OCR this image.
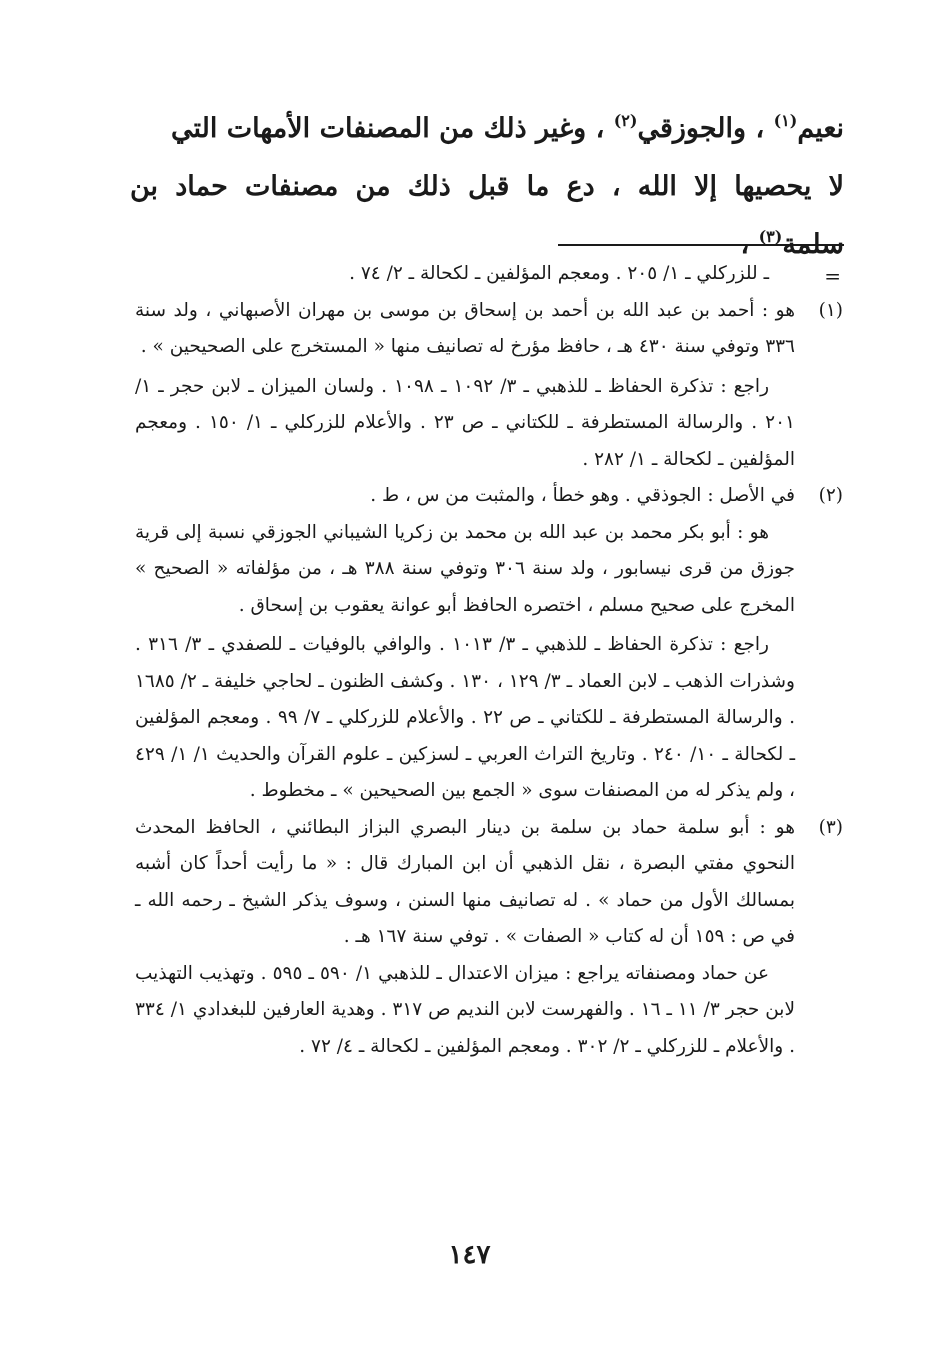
نعيم$^{(١)}$ ، والجوزقي$^{(٢)}$ ، وغير ذلك من المصنفات الأمهات التي

لا يحصيها إلا الله ، دع ما قبل ذلك من مصنفات حماد بن سلمة$^{(٣)}$ ،

=

ـ للزركلي ـ ١/ ٢٠٥ . ومعجم المؤلفين ـ لكحالة ـ ٢/ ٧٤ .

(١)

هو : أحمد بن عبد الله بن أحمد بن إسحاق بن موسى بن مهران الأصبهاني ، ولد سنة ٣٣٦ وتوفي سنة ٤٣٠ هـ ، حافظ مؤرخ له تصانيف منها « المستخرج على الصحيحين » .

راجع : تذكرة الحفاظ ـ للذهبي ـ ٣/ ١٠٩٢ ـ ١٠٩٨ . ولسان الميزان ـ لابن حجر ـ ١/ ٢٠١ . والرسالة المستطرفة ـ للكتاني ـ ص ٢٣ . والأعلام للزركلي ـ ١/ ١٥٠ . ومعجم المؤلفين ـ لكحالة ـ ١/ ٢٨٢ .

(٢)

في الأصل : الجوذقي . وهو خطأ ، والمثبت من س ، ط .

هو : أبو بكر محمد بن عبد الله بن محمد بن زكريا الشيباني الجوزقي نسبة إلى قرية جوزق من قرى نيسابور ، ولد سنة ٣٠٦ وتوفي سنة ٣٨٨ هـ ، من مؤلفاته « الصحيح » المخرج على صحيح مسلم ، اختصره الحافظ أبو عوانة يعقوب بن إسحاق .

راجع : تذكرة الحفاظ ـ للذهبي ـ ٣/ ١٠١٣ . والوافي بالوفيات ـ للصفدي ـ ٣/ ٣١٦ . وشذرات الذهب ـ لابن العماد ـ ٣/ ١٢٩ ، ١٣٠ . وكشف الظنون ـ لحاجي خليفة ـ ٢/ ١٦٨٥ . والرسالة المستطرفة ـ للكتاني ـ ص ٢٢ . والأعلام للزركلي ـ ٧/ ٩٩ . ومعجم المؤلفين ـ لكحالة ـ ١٠/ ٢٤٠ . وتاريخ التراث العربي ـ لسزكين ـ علوم القرآن والحديث ١/ ١/ ٤٢٩ ، ولم يذكر له من المصنفات سوى « الجمع بين الصحيحين » ـ مخطوط .

(٣)

هو : أبو سلمة حماد بن سلمة بن دينار البصري البزاز البطائني ، الحافظ المحدث النحوي مفتي البصرة ، نقل الذهبي أن ابن المبارك قال : « ما رأيت أحداً كان أشبه بمسالك الأول من حماد » . له تصانيف منها السنن ، وسوف يذكر الشيخ ـ رحمه الله ـ في ص : ١٥٩ أن له كتاب « الصفات » . توفي سنة ١٦٧ هـ .

عن حماد ومصنفاته يراجع : ميزان الاعتدال ـ للذهبي ١/ ٥٩٠ ـ ٥٩٥ . وتهذيب التهذيب لابن حجر ٣/ ١١ ـ ١٦ . والفهرست لابن النديم ص ٣١٧ . وهدية العارفين للبغدادي ١/ ٣٣٤ . والأعلام ـ للزركلي ـ ٢/ ٣٠٢ . ومعجم المؤلفين ـ لكحالة ـ ٤/ ٧٢ .

١٤٧
